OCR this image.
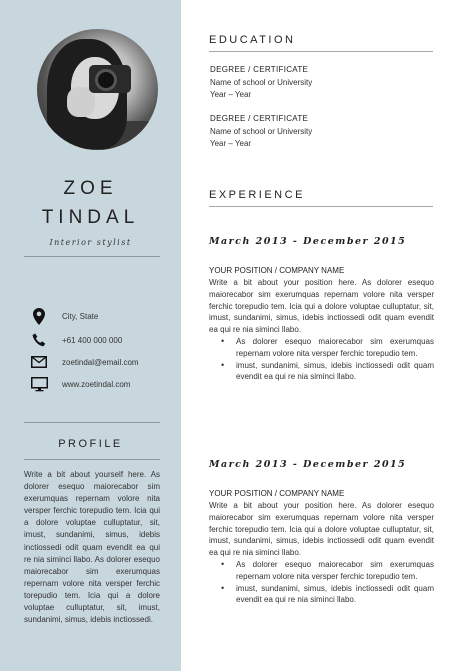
ZOE
TINDAL
Interior stylist
City, State
+61 400 000 000
zoetindal@email.com
www.zoetindal.com
PROFILE
Write a bit about yourself here. As dolorer esequo maiorecabor sim exerumquas repernam volore nita versper ferchic torepudio tem. Icia qui a dolore voluptae culluptatur, sit, imust, sundanimi, simus, idebis inctiossedi odit quam evendit ea qui re nia siminci llabo. As dolorer esequo maiorecabor sim exerumquas repernam volore nita versper ferchic torepudio tem. Icia qui a dolore voluptae culluptatur, sit, imust, sundanimi, simus, idebis inctiossedi.
EDUCATION
DEGREE / CERTIFICATE
Name of school or University
Year – Year
DEGREE / CERTIFICATE
Name of school or University
Year – Year
EXPERIENCE
March 2013 - December 2015
YOUR POSITION / COMPANY NAME
Write a bit about your position here. As dolorer esequo maiorecabor sim exerumquas repernam volore nita versper ferchic torepudio tem. Icia qui a dolore voluptae culluptatur, sit, imust, sundanimi, simus, idebis inctiossedi odit quam evendit ea qui re nia siminci llabo.
• As dolorer esequo maiorecabor sim exerumquas repernam volore nita versper ferchic torepudio tem.
• imust, sundanimi, simus, idebis inctiossedi odit quam evendit ea qui re nia siminci llabo.
March 2013 - December 2015
YOUR POSITION / COMPANY NAME
Write a bit about your position here. As dolorer esequo maiorecabor sim exerumquas repernam volore nita versper ferchic torepudio tem. Icia qui a dolore voluptae culluptatur, sit, imust, sundanimi, simus, idebis inctiossedi odit quam evendit ea qui re nia siminci llabo.
• As dolorer esequo maiorecabor sim exerumquas repernam volore nita versper ferchic torepudio tem.
• imust, sundanimi, simus, idebis inctiossedi odit quam evendit ea qui re nia siminci llabo.
